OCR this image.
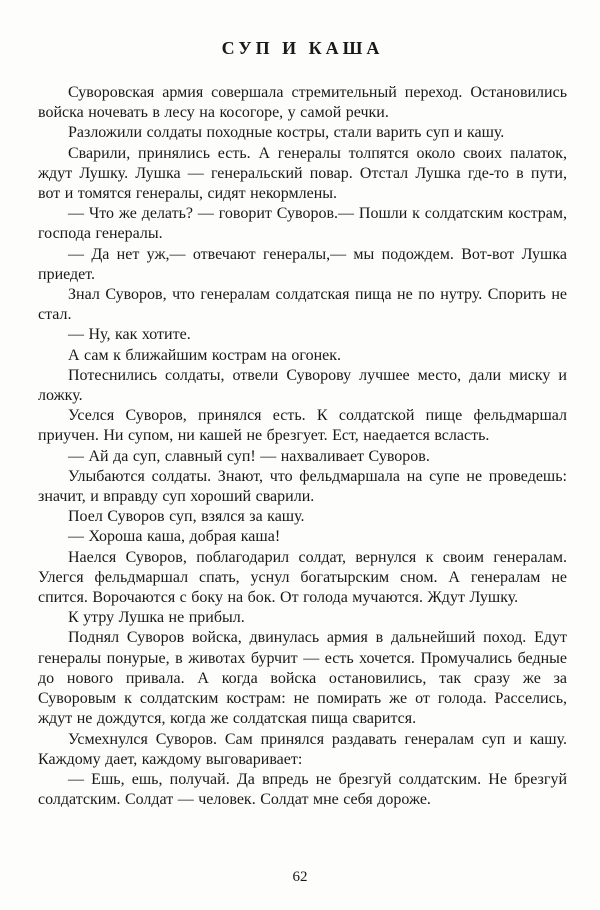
СУП И КАША

Суворовская армия совершала стремительный переход. Остановились войска ночевать в лесу на косогоре, у самой речки.

Разложили солдаты походные костры, стали варить суп и кашу.

Сварили, принялись есть. А генералы толпятся около своих палаток, ждут Лушку. Лушка — генеральский повар. Отстал Лушка где-то в пути, вот и томятся генералы, сидят некормлены.

— Что же делать? — говорит Суворов.— Пошли к солдатским кострам, господа генералы.

— Да нет уж,— отвечают генералы,— мы подождем. Вот-вот Лушка приедет.

Знал Суворов, что генералам солдатская пища не по нутру. Спорить не стал.

— Ну, как хотите.

А сам к ближайшим кострам на огонек.

Потеснились солдаты, отвели Суворову лучшее место, дали миску и ложку.

Уселся Суворов, принялся есть. К солдатской пище фельдмаршал приучен. Ни супом, ни кашей не брезгует. Ест, наедается всласть.

— Ай да суп, славный суп! — нахваливает Суворов.

Улыбаются солдаты. Знают, что фельдмаршала на супе не проведешь: значит, и вправду суп хороший сварили.

Поел Суворов суп, взялся за кашу.

— Хороша каша, добрая каша!

Наелся Суворов, поблагодарил солдат, вернулся к своим генералам. Улегся фельдмаршал спать, уснул богатырским сном. А генералам не спится. Ворочаются с боку на бок. От голода мучаются. Ждут Лушку.

К утру Лушка не прибыл.

Поднял Суворов войска, двинулась армия в дальнейший поход. Едут генералы понурые, в животах бурчит — есть хочется. Промучались бедные до нового привала. А когда войска остановились, так сразу же за Суворовым к солдатским кострам: не помирать же от голода. Расселись, ждут не дождутся, когда же солдатская пища сварится.

Усмехнулся Суворов. Сам принялся раздавать генералам суп и кашу. Каждому дает, каждому выговаривает:

— Ешь, ешь, получай. Да впредь не брезгуй солдатским. Не брезгуй солдатским. Солдат — человек. Солдат мне себя дороже.

62
